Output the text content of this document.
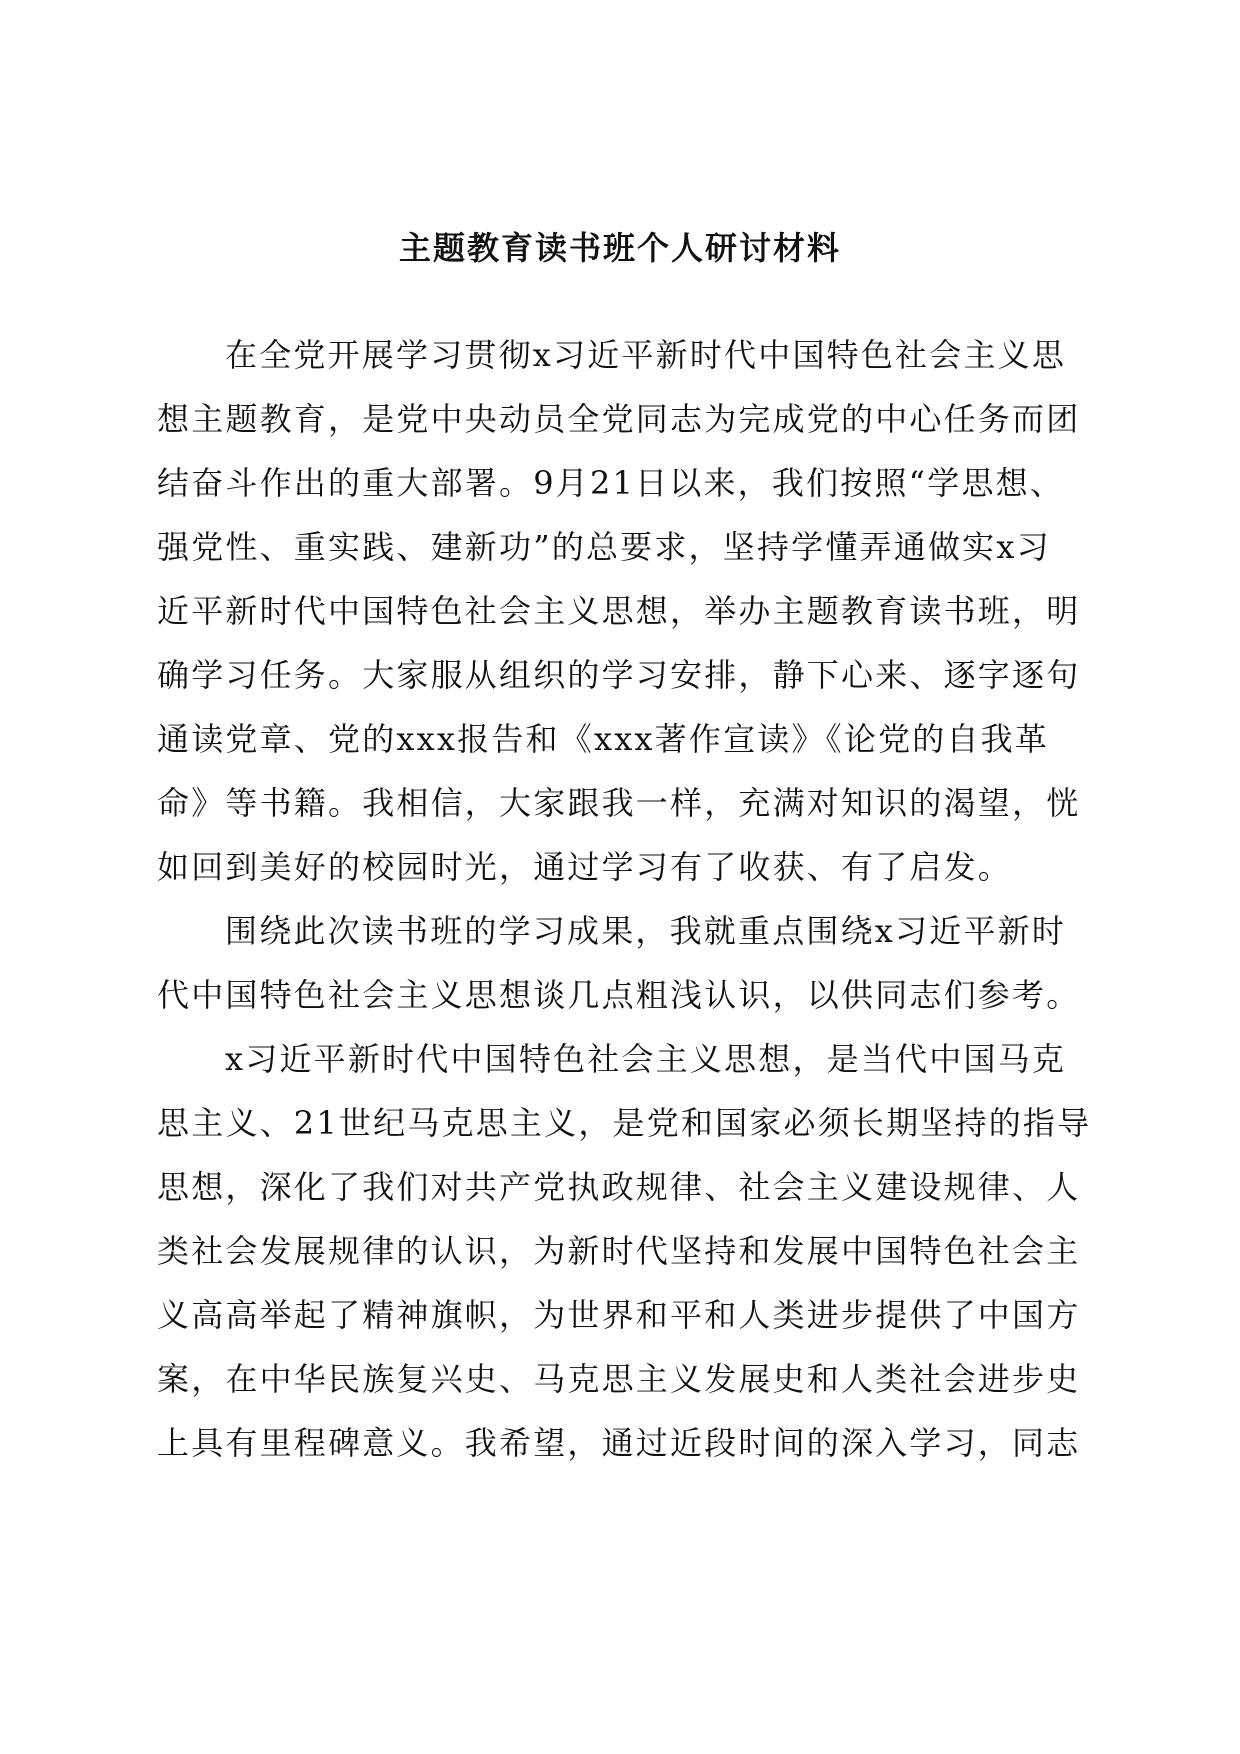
主题教育读书班个人研讨材料
在全党开展学习贯彻x习近平新时代中国特色社会主义思
想主题教育，是党中央动员全党同志为完成党的中心任务而团
结奋斗作出的重大部署。9月21日以来，我们按照“学思想、
强党性、重实践、建新功”的总要求，坚持学懂弄通做实x习
近平新时代中国特色社会主义思想，举办主题教育读书班，明
确学习任务。大家服从组织的学习安排，静下心来、逐字逐句
通读党章、党的xxx报告和《xxx著作宣读》《论党的自我革
命》等书籍。我相信，大家跟我一样，充满对知识的渴望，恍
如回到美好的校园时光，通过学习有了收获、有了启发。
围绕此次读书班的学习成果，我就重点围绕x习近平新时
代中国特色社会主义思想谈几点粗浅认识，以供同志们参考。
x习近平新时代中国特色社会主义思想，是当代中国马克
思主义、21世纪马克思主义，是党和国家必须长期坚持的指导
思想，深化了我们对共产党执政规律、社会主义建设规律、人
类社会发展规律的认识，为新时代坚持和发展中国特色社会主
义高高举起了精神旗帜，为世界和平和人类进步提供了中国方
案，在中华民族复兴史、马克思主义发展史和人类社会进步史
上具有里程碑意义。我希望，通过近段时间的深入学习，同志
